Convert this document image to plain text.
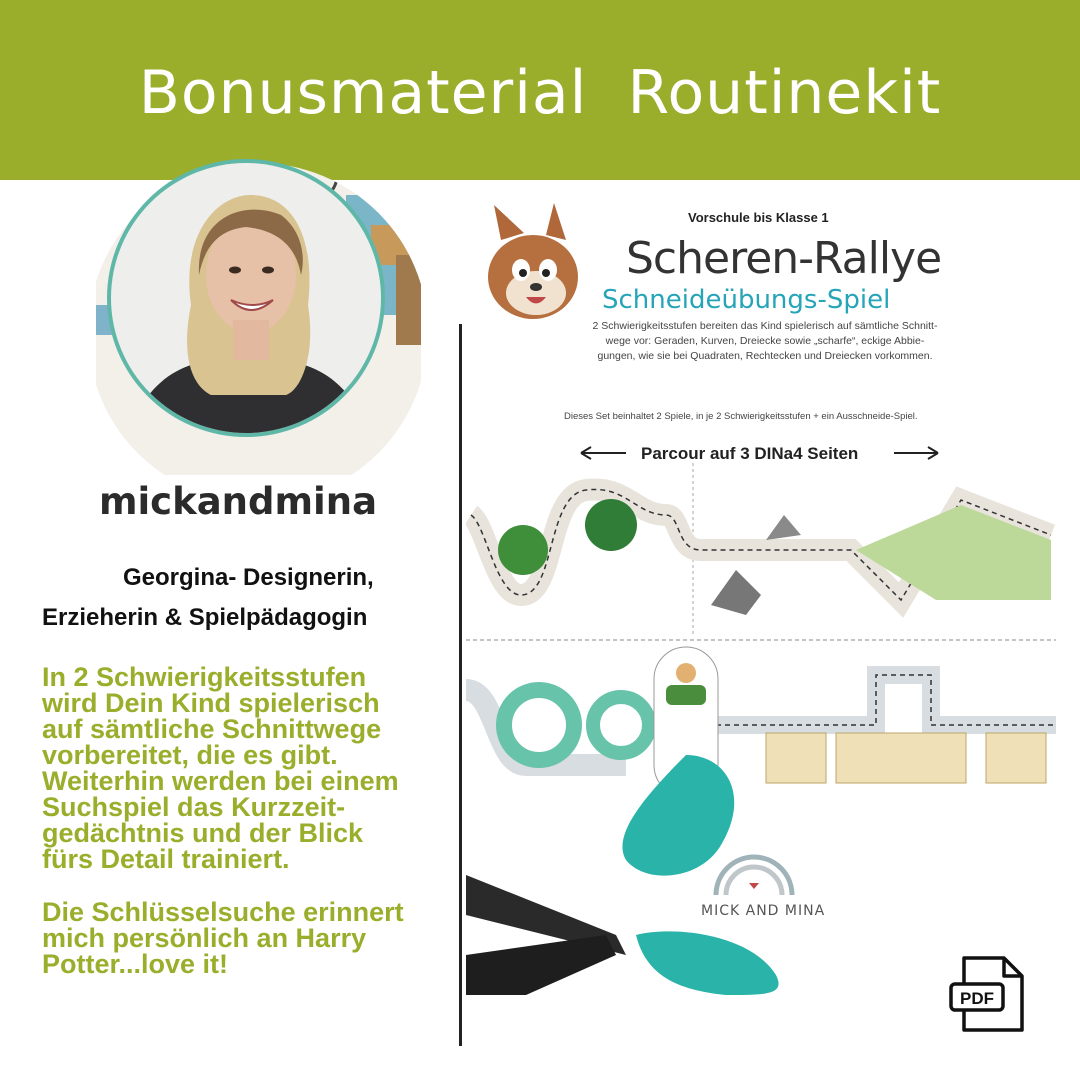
Bonusmaterial  Routinekit
mickandmina
Georgina- Designerin,
Erzieherin & Spielpädagogin
In 2 Schwierigkeitsstufen
wird Dein Kind spielerisch
auf sämtliche Schnittwege
vorbereitet, die es gibt.
Weiterhin werden bei einem
Suchspiel das Kurzzeit-
gedächtnis und der Blick
fürs Detail trainiert.
Die Schlüsselsuche erinnert
mich persönlich an Harry
Potter...love it!
Vorschule bis Klasse 1
Scheren-Rallye
Schneideübungs-Spiel
2 Schwierigkeitsstufen bereiten das Kind spielerisch auf sämtliche Schnitt-
wege vor: Geraden, Kurven, Dreiecke sowie „scharfe“, eckige Abbie-
gungen, wie sie bei Quadraten, Rechtecken und Dreiecken vorkommen.
Dieses Set beinhaltet 2 Spiele, in je 2 Schwierigkeitsstufen + ein Ausschneide-Spiel.
Parcour auf 3 DINa4 Seiten
MICK AND MINA
PDF
